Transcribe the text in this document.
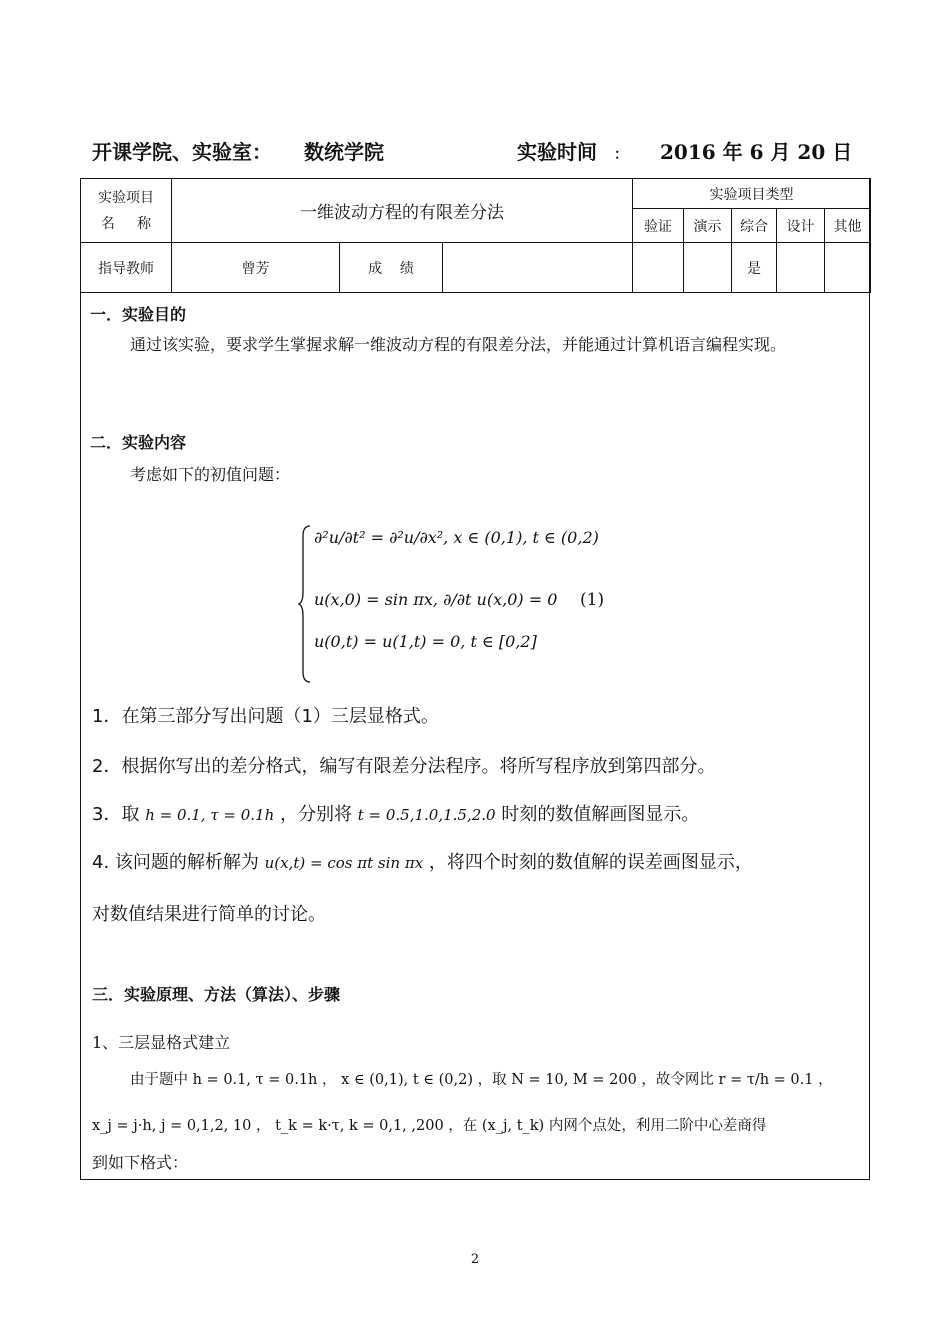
开课学院、实验室： 数统学院	实验时间 ： 2016 年 6 月 20 日
实验项目
名     称	一维波动方程的有限差分法			实验项目类型				
				验证	演示	综合	设计	其他
指导教师	曾芳	成    绩				是		
一．实验目的
通过该实验，要求学生掌握求解一维波动方程的有限差分法，并能通过计算机语言编程实现。
二．实验内容
考虑如下的初值问题：
∂²u/∂t² = ∂²u/∂x², x ∈ (0,1), t ∈ (0,2)
u(x,0) = sin πx, ∂/∂t u(x,0) = 0 (1)
u(0,t) = u(1,t) = 0, t ∈ [0,2]
1．在第三部分写出问题（1）三层显格式。
2．根据你写出的差分格式，编写有限差分法程序。将所写程序放到第四部分。
3．取 h = 0.1, τ = 0.1h ，分别将 t = 0.5,1.0,1.5,2.0 时刻的数值解画图显示。
4. 该问题的解析解为 u(x,t) = cos πt sin πx ，将四个时刻的数值解的误差画图显示，
对数值结果进行简单的讨论。
三．实验原理、方法（算法）、步骤
1、三层显格式建立
由于题中 h = 0.1, τ = 0.1h ， x ∈ (0,1), t ∈ (0,2) ，取 N = 10, M = 200 ，故令网比 r = τ/h = 0.1 ，
x_j = j·h, j = 0,1,2, 10 ， t_k = k·τ, k = 0,1, ,200 ，在 (x_j, t_k) 内网个点处，利用二阶中心差商得
到如下格式：
2
